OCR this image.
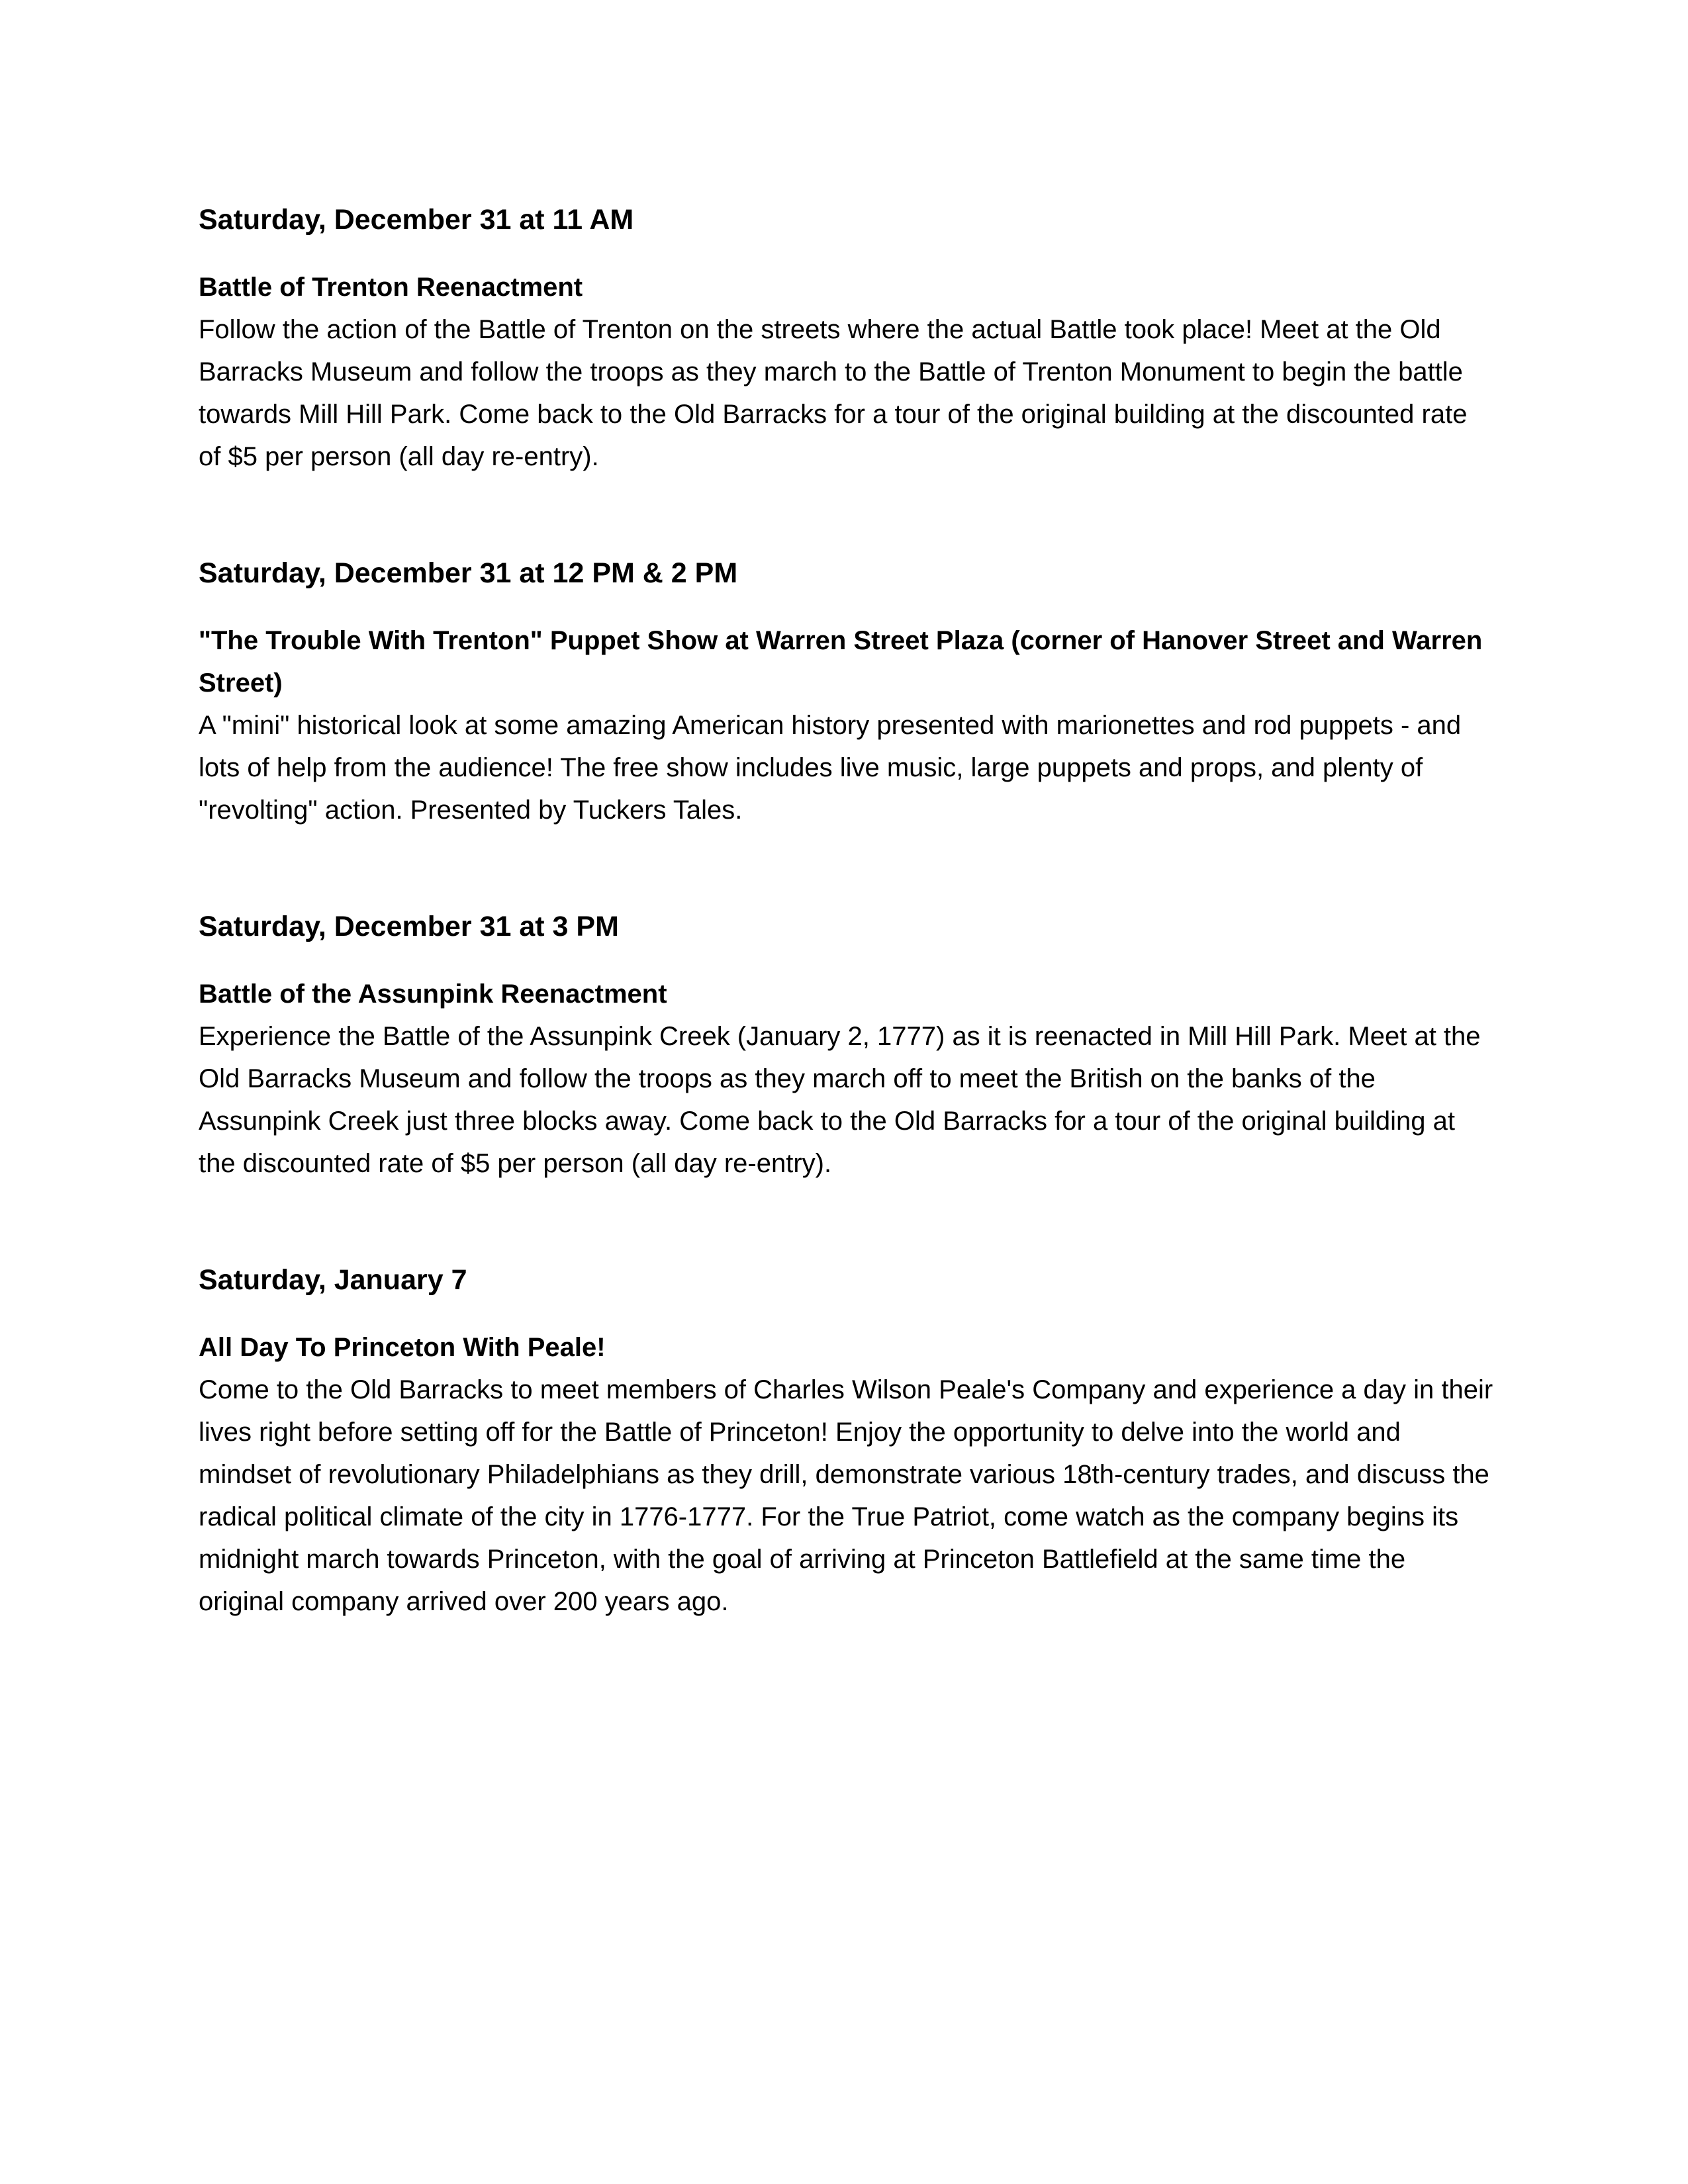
Saturday, December 31 at 11 AM
Battle of Trenton Reenactment

Follow the action of the Battle of Trenton on the streets where the actual Battle took place! Meet at the Old Barracks Museum and follow the troops as they march to the Battle of Trenton Monument to begin the battle towards Mill Hill Park. Come back to the Old Barracks for a tour of the original building at the discounted rate of $5 per person (all day re-entry).

Saturday, December 31 at 12 PM & 2 PM
"The Trouble With Trenton" Puppet Show at Warren Street Plaza (corner of Hanover Street and Warren Street)

A "mini" historical look at some amazing American history presented with marionettes and rod puppets - and lots of help from the audience! The free show includes live music, large puppets and props, and plenty of "revolting" action. Presented by Tuckers Tales.

Saturday, December 31 at 3 PM
Battle of the Assunpink Reenactment

Experience the Battle of the Assunpink Creek (January 2, 1777) as it is reenacted in Mill Hill Park. Meet at the Old Barracks Museum and follow the troops as they march off to meet the British on the banks of the Assunpink Creek just three blocks away. Come back to the Old Barracks for a tour of the original building at the discounted rate of $5 per person (all day re-entry).

Saturday, January 7
All Day To Princeton With Peale!

Come to the Old Barracks to meet members of Charles Wilson Peale's Company and experience a day in their lives right before setting off for the Battle of Princeton! Enjoy the opportunity to delve into the world and mindset of revolutionary Philadelphians as they drill, demonstrate various 18th-century trades, and discuss the radical political climate of the city in 1776-1777. For the True Patriot, come watch as the company begins its midnight march towards Princeton, with the goal of arriving at Princeton Battlefield at the same time the original company arrived over 200 years ago.
